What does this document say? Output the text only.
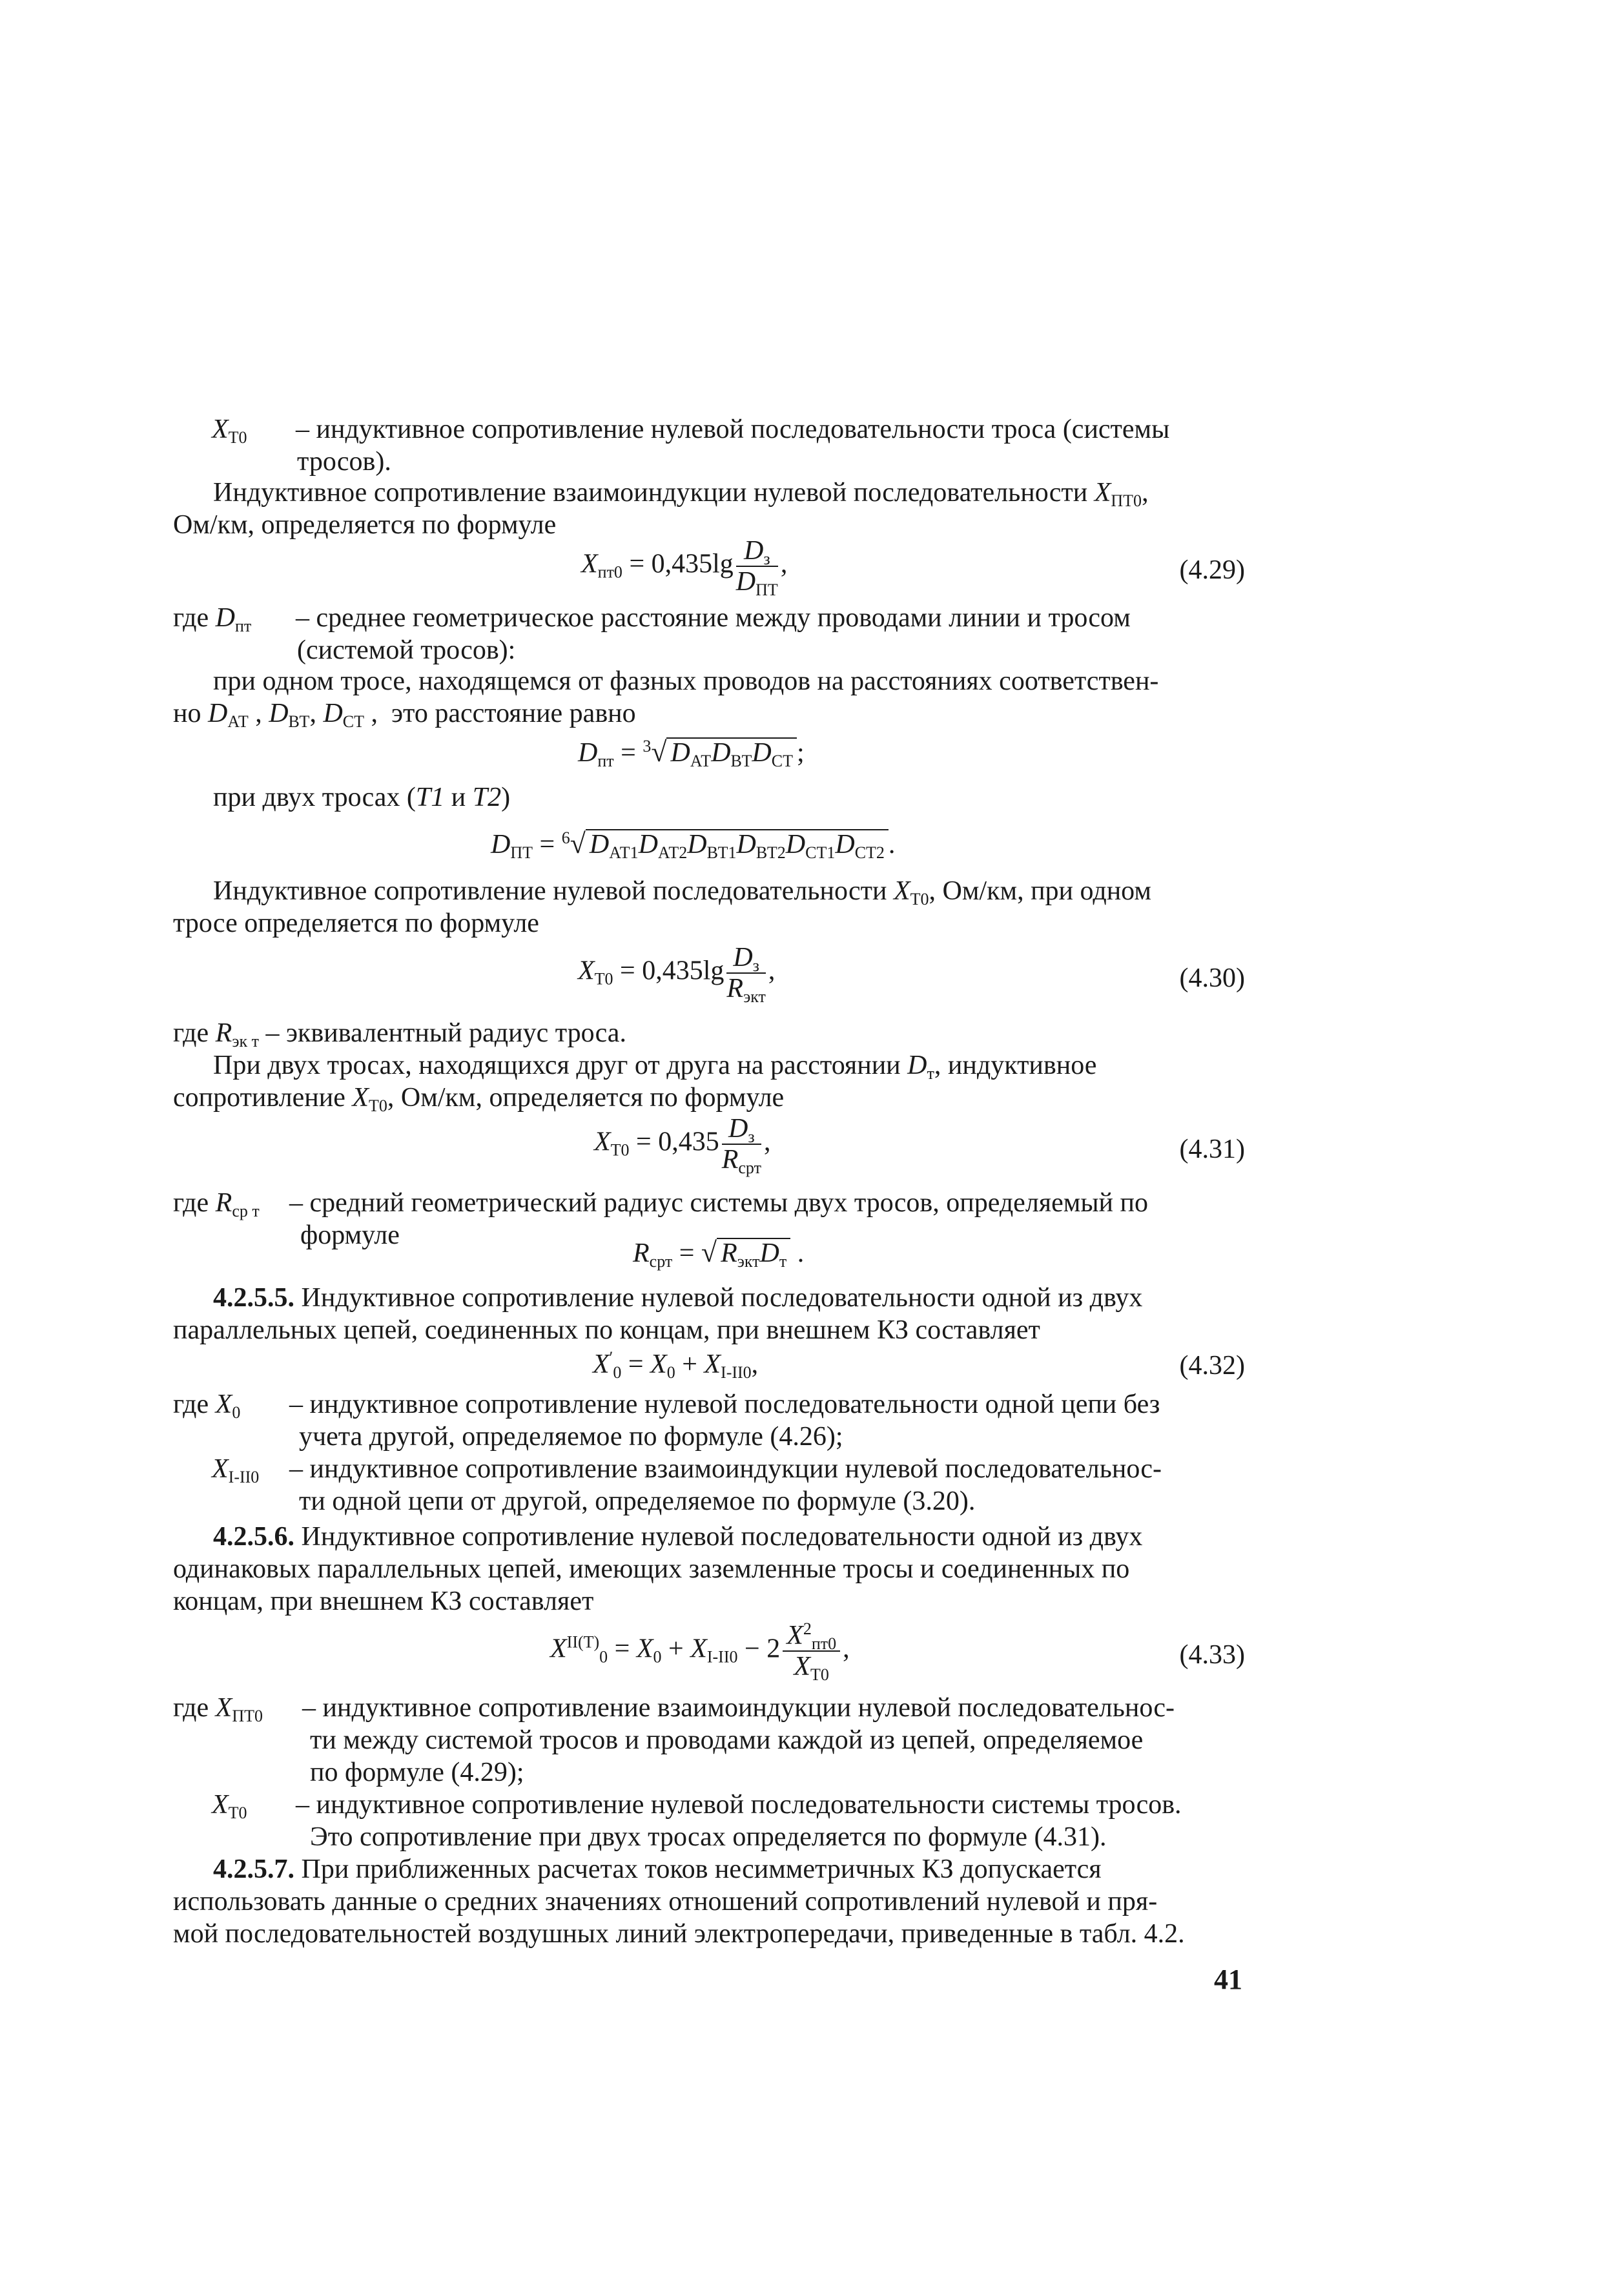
$X_{Т0}$ – индуктивное сопротивление нулевой последовательности троса (системы

тросов).

Индуктивное сопротивление взаимоиндукции нулевой последовательности $X_{ПТ0}$,

Ом/км, определяется по формуле

$X_{пт0} = 0,435\lg \frac{D_з}{D_{ПТ}}$ ,	(4.29)

где $D_{пт}$ – среднее геометрическое расстояние между проводами линии и тросом

(системой тросов):

при одном тросе, находящемся от фазных проводов на расстояниях соответствен-

но $D_{АТ}$ , $D_{ВТ}$, $D_{СТ}$ , это расстояние равно

$D_{пт} = ^3√$ $D_{АТ}D_{ВТ}D_{СТ}$ ;

при двух тросах (T1 и T2)

$D_{ПТ} = ^6√$ $D_{АТ1}D_{АТ2}D_{ВТ1}D_{ВТ2}D_{СТ1}D_{СТ2}$ .

Индуктивное сопротивление нулевой последовательности $X_{Т0}$, Ом/км, при одном

тросе определяется по формуле

$X_{Т0} = 0,435\lg \frac{D_з}{R_{экт}}$ ,	(4.30)

где $R_{эк т}$ – эквивалентный радиус троса.

При двух тросах, находящихся друг от друга на расстоянии $D_т$, индуктивное

сопротивление $X_{Т0}$, Ом/км, определяется по формуле

$X_{Т0} = 0,435 \frac{D_з}{R_{срт}}$ ,	(4.31)

где $R_{ср т}$ – средний геометрический радиус системы двух тросов, определяемый по

формуле

$R_{срт}$ = √ $R_{экт}D_т$ .

4.2.5.5. Индуктивное сопротивление нулевой последовательности одной из двух

параллельных цепей, соединенных по концам, при внешнем КЗ составляет

$X'_0 = X_0 + X_{I-II0}$,	(4.32)

где $X_0$ – индуктивное сопротивление нулевой последовательности одной цепи без

учета другой, определяемое по формуле (4.26);

$X_{I-II0}$ – индуктивное сопротивление взаимоиндукции нулевой последовательнос-

ти одной цепи от другой, определяемое по формуле (3.20).

4.2.5.6. Индуктивное сопротивление нулевой последовательности одной из двух

одинаковых параллельных цепей, имеющих заземленные тросы и соединенных по

концам, при внешнем КЗ составляет

$X^{II(T)}_0 = X_0 + X_{I-II0} - 2 \frac{X^2_{пт0}}{X_{Т0}}$ ,	(4.33)

где $X_{ПТ0}$ – индуктивное сопротивление взаимоиндукции нулевой последовательнос-

ти между системой тросов и проводами каждой из цепей, определяемое

по формуле (4.29);

$X_{Т0}$ – индуктивное сопротивление нулевой последовательности системы тросов.

Это сопротивление при двух тросах определяется по формуле (4.31).

4.2.5.7. При приближенных расчетах токов несимметричных КЗ допускается

использовать данные о средних значениях отношений сопротивлений нулевой и пря-

мой последовательностей воздушных линий электропередачи, приведенные в табл. 4.2.

41
